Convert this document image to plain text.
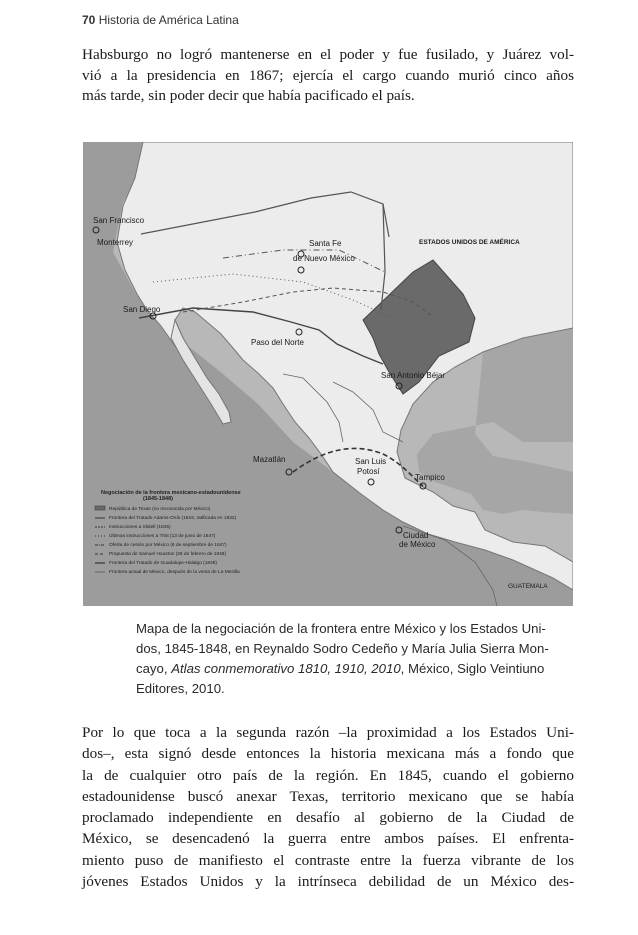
70 Historia de América Latina
Habsburgo no logró mantenerse en el poder y fue fusilado, y Juárez vol-
vió a la presidencia en 1867; ejercía el cargo cuando murió cinco años
más tarde, sin poder decir que había pacificado el país.
San Francisco
Monterrey	Santa Fe
de Nuevo México
San Diego
Paso del Norte
San Antonio Béjar
Mazatlán	San Luis
Potosí
Tampico
Ciudad
de México
ESTADOS UNIDOS DE AMÉRICA
GUATEMALA
Negociación de la frontera mexicano-estadounidense
(1845-1848)
República de Texas (no reconocida por México)
Frontera del Tratado Adams-Onís (1819, ratificada en 1832)
Instrucciones a Slidell (1845)
Últimas instrucciones a Trist (13 de junio de 1847)
Oferta de cesión por México (6 de septiembre de 1847)
Propuesta de Samuel Houston (26 de febrero de 1848)
Frontera del Tratado de Guadalupe-Hidalgo (1848)
Frontera actual de México, después de la venta de La Mesilla
Mapa de la negociación de la frontera entre México y los Estados Uni-
dos, 1845-1848, en Reynaldo Sodro Cedeño y María Julia Sierra Mon-
cayo, Atlas conmemorativo 1810, 1910, 2010, México, Siglo Veintiuno
Editores, 2010.
Por lo que toca a la segunda razón –la proximidad a los Estados Uni-
dos–, esta signó desde entonces la historia mexicana más a fondo que
la de cualquier otro país de la región. En 1845, cuando el gobierno
estadounidense buscó anexar Texas, territorio mexicano que se había
proclamado independiente en desafío al gobierno de la Ciudad de
México, se desencadenó la guerra entre ambos países. El enfrenta-
miento puso de manifiesto el contraste entre la fuerza vibrante de los
jóvenes Estados Unidos y la intrínseca debilidad de un México des-
